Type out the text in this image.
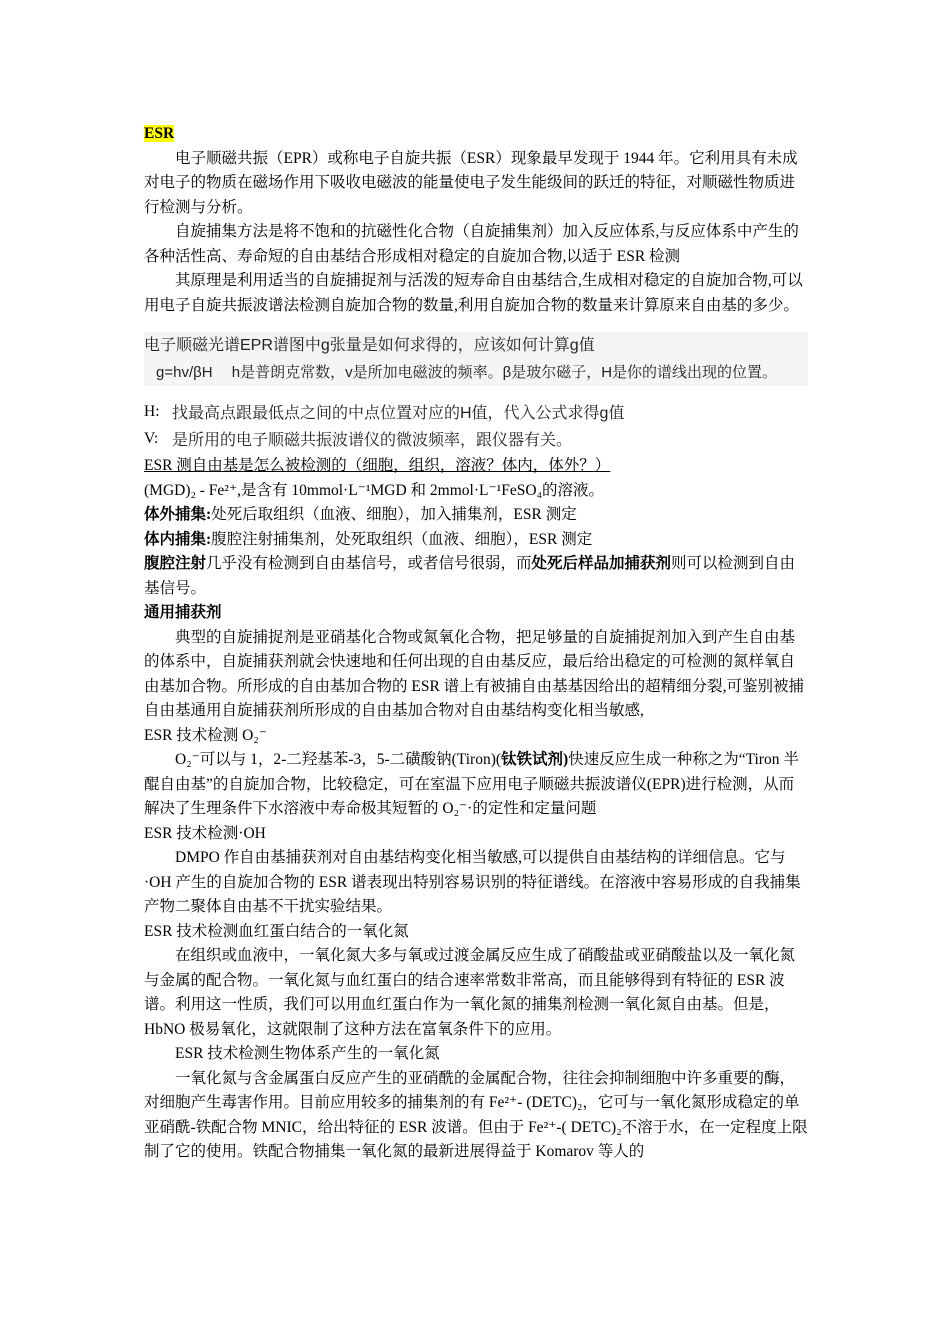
ESR

电子顺磁共振（EPR）或称电子自旋共振（ESR）现象最早发现于 1944 年。它利用具有未成对电子的物质在磁场作用下吸收电磁波的能量使电子发生能级间的跃迁的特征，对顺磁性物质进行检测与分析。

自旋捕集方法是将不饱和的抗磁性化合物（自旋捕集剂）加入反应体系,与反应体系中产生的各种活性高、寿命短的自由基结合形成相对稳定的自旋加合物,以适于 ESR 检测

其原理是利用适当的自旋捕捉剂与活泼的短寿命自由基结合,生成相对稳定的自旋加合物,可以用电子自旋共振波谱法检测自旋加合物的数量,利用自旋加合物的数量来计算原来自由基的多少。

电子顺磁光谱EPR谱图中g张量是如何求得的，应该如何计算g值
g=hv/βH　 h是普朗克常数，v是所加电磁波的频率。β是玻尔磁子，H是你的谱线出现的位置。
H: 找最高点跟最低点之间的中点位置对应的H值，代入公式求得g值
V: 是所用的电子顺磁共振波谱仪的微波频率，跟仪器有关。

ESR 测自由基是怎么被检测的（细胞，组织，溶液？体内，体外？）

(MGD)₂ - Fe²⁺,是含有 10mmol·L⁻¹MGD 和 2mmol·L⁻¹FeSO₄的溶液。

体外捕集:处死后取组织（血液、细胞），加入捕集剂，ESR 测定

体内捕集:腹腔注射捕集剂，处死取组织（血液、细胞），ESR 测定

腹腔注射几乎没有检测到自由基信号，或者信号很弱，而处死后样品加捕获剂则可以检测到自由基信号。

通用捕获剂

典型的自旋捕捉剂是亚硝基化合物或氮氧化合物，把足够量的自旋捕捉剂加入到产生自由基的体系中，自旋捕获剂就会快速地和任何出现的自由基反应，最后给出稳定的可检测的氮样氧自由基加合物。所形成的自由基加合物的 ESR 谱上有被捕自由基基因给出的超精细分裂,可鉴别被捕自由基通用自旋捕获剂所形成的自由基加合物对自由基结构变化相当敏感,

ESR 技术检测 O₂⁻

O₂⁻可以与 1，2-二羟基苯-3，5-二磺酸钠(Tiron)(钛铁试剂)快速反应生成一种称之为“Tiron 半醌自由基”的自旋加合物，比较稳定，可在室温下应用电子顺磁共振波谱仪(EPR)进行检测，从而解决了生理条件下水溶液中寿命极其短暂的 O₂⁻·的定性和定量问题

ESR 技术检测·OH

DMPO 作自由基捕获剂对自由基结构变化相当敏感,可以提供自由基结构的详细信息。它与·OH 产生的自旋加合物的 ESR 谱表现出特别容易识别的特征谱线。在溶液中容易形成的自我捕集产物二聚体自由基不干扰实验结果。

ESR 技术检测血红蛋白结合的一氧化氮

在组织或血液中，一氧化氮大多与氧或过渡金属反应生成了硝酸盐或亚硝酸盐以及一氧化氮与金属的配合物。一氧化氮与血红蛋白的结合速率常数非常高，而且能够得到有特征的 ESR 波谱。利用这一性质，我们可以用血红蛋白作为一氧化氮的捕集剂检测一氧化氮自由基。但是，HbNO 极易氧化，这就限制了这种方法在富氧条件下的应用。

ESR 技术检测生物体系产生的一氧化氮

一氧化氮与含金属蛋白反应产生的亚硝酰的金属配合物，往往会抑制细胞中许多重要的酶，对细胞产生毒害作用。目前应用较多的捕集剂的有 Fe²⁺- (DETC)₂，它可与一氧化氮形成稳定的单亚硝酰-铁配合物 MNIC，给出特征的 ESR 波谱。但由于 Fe²⁺-( DETC)₂不溶于水，在一定程度上限制了它的使用。铁配合物捕集一氧化氮的最新进展得益于 Komarov 等人的
